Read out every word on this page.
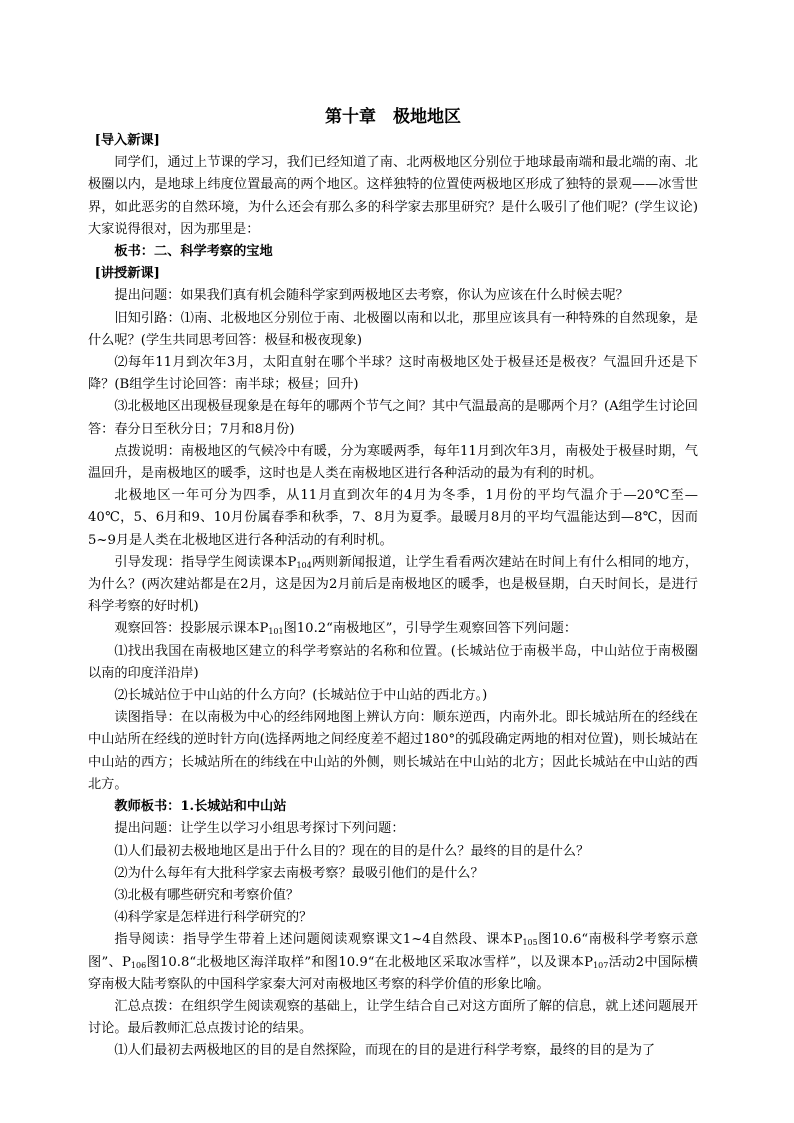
第十章　极地地区

[导入新课]

同学们，通过上节课的学习，我们已经知道了南、北两极地区分别位于地球最南端和最北端的南、北极圈以内，是地球上纬度位置最高的两个地区。这样独特的位置使两极地区形成了独特的景观——冰雪世界，如此恶劣的自然环境，为什么还会有那么多的科学家去那里研究？是什么吸引了他们呢？(学生议论)大家说得很对，因为那里是：

板书：二、科学考察的宝地

[讲授新课]

提出问题：如果我们真有机会随科学家到两极地区去考察，你认为应该在什么时候去呢？

旧知引路：⑴南、北极地区分别位于南、北极圈以南和以北，那里应该具有一种特殊的自然现象，是什么呢？(学生共同思考回答：极昼和极夜现象)

⑵每年11月到次年3月，太阳直射在哪个半球？这时南极地区处于极昼还是极夜？气温回升还是下降？(B组学生讨论回答：南半球；极昼；回升)

⑶北极地区出现极昼现象是在每年的哪两个节气之间？其中气温最高的是哪两个月？(A组学生讨论回答：春分日至秋分日；7月和8月份)

点拨说明：南极地区的气候冷中有暖，分为寒暖两季，每年11月到次年3月，南极处于极昼时期，气温回升，是南极地区的暖季，这时也是人类在南极地区进行各种活动的最为有利的时机。

北极地区一年可分为四季，从11月直到次年的4月为冬季，1月份的平均气温介于—20℃至—40℃，5、6月和9、10月份属春季和秋季，7、8月为夏季。最暖月8月的平均气温能达到—8℃，因而5~9月是人类在北极地区进行各种活动的有利时机。

引导发现：指导学生阅读课本$P_{104}$两则新闻报道，让学生看看两次建站在时间上有什么相同的地方，为什么？(两次建站都是在2月，这是因为2月前后是南极地区的暖季，也是极昼期，白天时间长，是进行科学考察的好时机)

观察回答：投影展示课本$P_{101}$图10.2“南极地区”，引导学生观察回答下列问题：

⑴找出我国在南极地区建立的科学考察站的名称和位置。(长城站位于南极半岛，中山站位于南极圈以南的印度洋沿岸)

⑵长城站位于中山站的什么方向？(长城站位于中山站的西北方。)

读图指导：在以南极为中心的经纬网地图上辨认方向：顺东逆西，内南外北。即长城站所在的经线在中山站所在经线的逆时针方向(选择两地之间经度差不超过180°的弧段确定两地的相对位置)，则长城站在中山站的西方；长城站所在的纬线在中山站的外侧，则长城站在中山站的北方；因此长城站在中山站的西北方。

教师板书：1.长城站和中山站

提出问题：让学生以学习小组思考探讨下列问题：

⑴人们最初去极地地区是出于什么目的？现在的目的是什么？最终的目的是什么？

⑵为什么每年有大批科学家去南极考察？最吸引他们的是什么？

⑶北极有哪些研究和考察价值？

⑷科学家是怎样进行科学研究的？

指导阅读：指导学生带着上述问题阅读观察课文1~4自然段、课本$P_{105}$图10.6“南极科学考察示意图”、$P_{106}$图10.8“北极地区海洋取样”和图10.9“在北极地区采取冰雪样”，以及课本$P_{107}$活动2中国际横穿南极大陆考察队的中国科学家秦大河对南极地区考察的科学价值的形象比喻。

汇总点拨：在组织学生阅读观察的基础上，让学生结合自己对这方面所了解的信息，就上述问题展开讨论。最后教师汇总点拨讨论的结果。

⑴人们最初去两极地区的目的是自然探险，而现在的目的是进行科学考察，最终的目的是为了
